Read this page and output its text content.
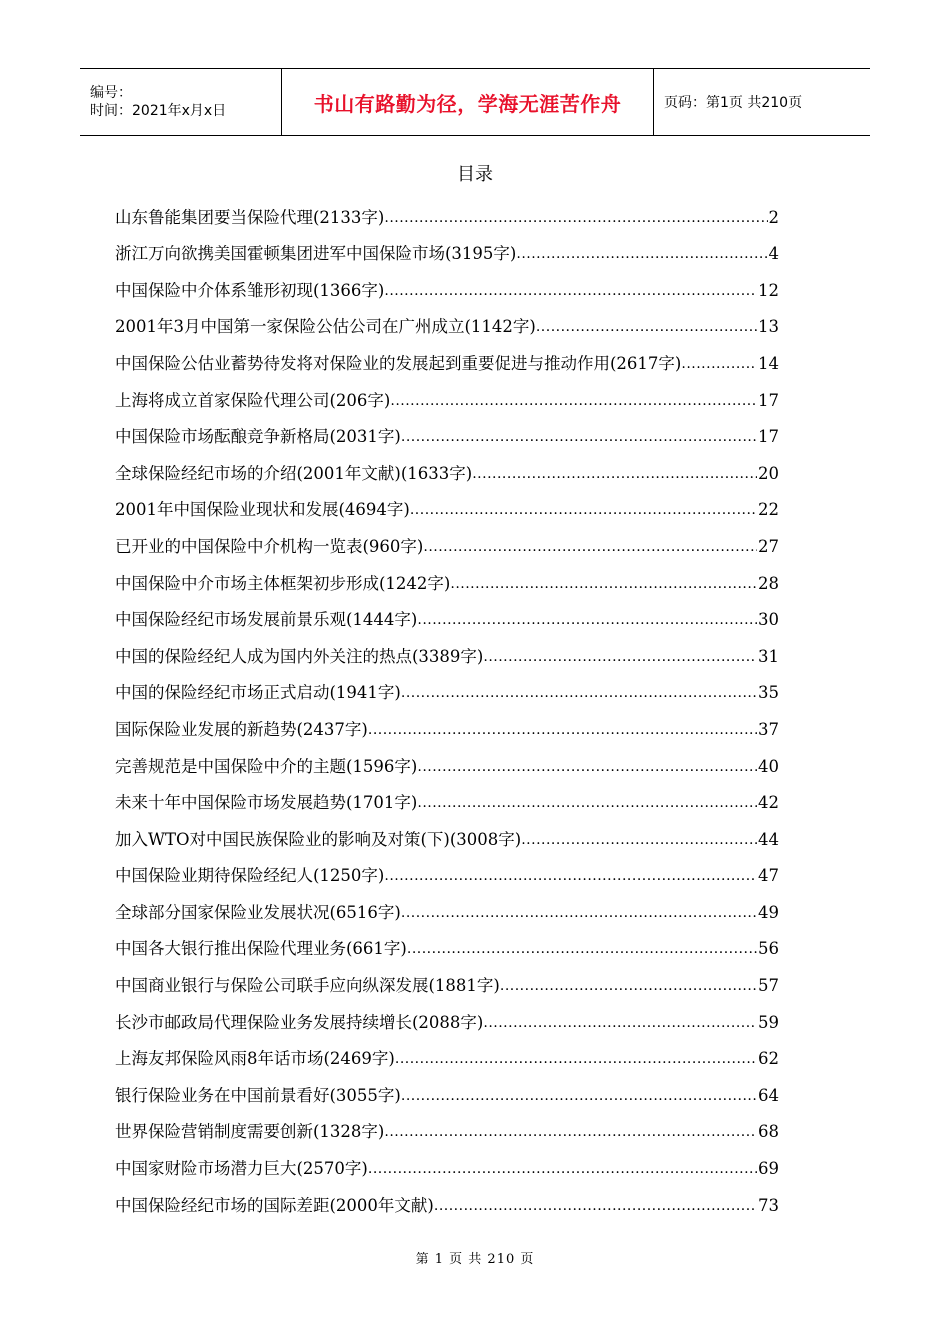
编号：
时间：2021年x月x日	书山有路勤为径，学海无涯苦作舟	页码：第1页 共210页
目录
山东鲁能集团要当保险代理(2133字) .....	2
浙江万向欲携美国霍顿集团进军中国保险市场(3195字) .....	4
中国保险中介体系雏形初现(1366字) .....	12
2001年3月中国第一家保险公估公司在广州成立(1142字) .....	13
中国保险公估业蓄势待发将对保险业的发展起到重要促进与推动作用(2617字) .....	14
上海将成立首家保险代理公司(206字) .....	17
中国保险市场酝酿竞争新格局(2031字) .....	17
全球保险经纪市场的介绍(2001年文献)(1633字) .....	20
2001年中国保险业现状和发展(4694字) .....	22
已开业的中国保险中介机构一览表(960字) .....	27
中国保险中介市场主体框架初步形成(1242字) .....	28
中国保险经纪市场发展前景乐观(1444字) .....	30
中国的保险经纪人成为国内外关注的热点(3389字) .....	31
中国的保险经纪市场正式启动(1941字) .....	35
国际保险业发展的新趋势(2437字) .....	37
完善规范是中国保险中介的主题(1596字) .....	40
未来十年中国保险市场发展趋势(1701字) .....	42
加入WTO对中国民族保险业的影响及对策(下)(3008字) .....	44
中国保险业期待保险经纪人(1250字) .....	47
全球部分国家保险业发展状况(6516字) .....	49
中国各大银行推出保险代理业务(661字) .....	56
中国商业银行与保险公司联手应向纵深发展(1881字) .....	57
长沙市邮政局代理保险业务发展持续增长(2088字) .....	59
上海友邦保险风雨8年话市场(2469字) .....	62
银行保险业务在中国前景看好(3055字) .....	64
世界保险营销制度需要创新(1328字) .....	68
中国家财险市场潜力巨大(2570字) .....	69
中国保险经纪市场的国际差距(2000年文献) .....	73
第 1 页 共 210 页
